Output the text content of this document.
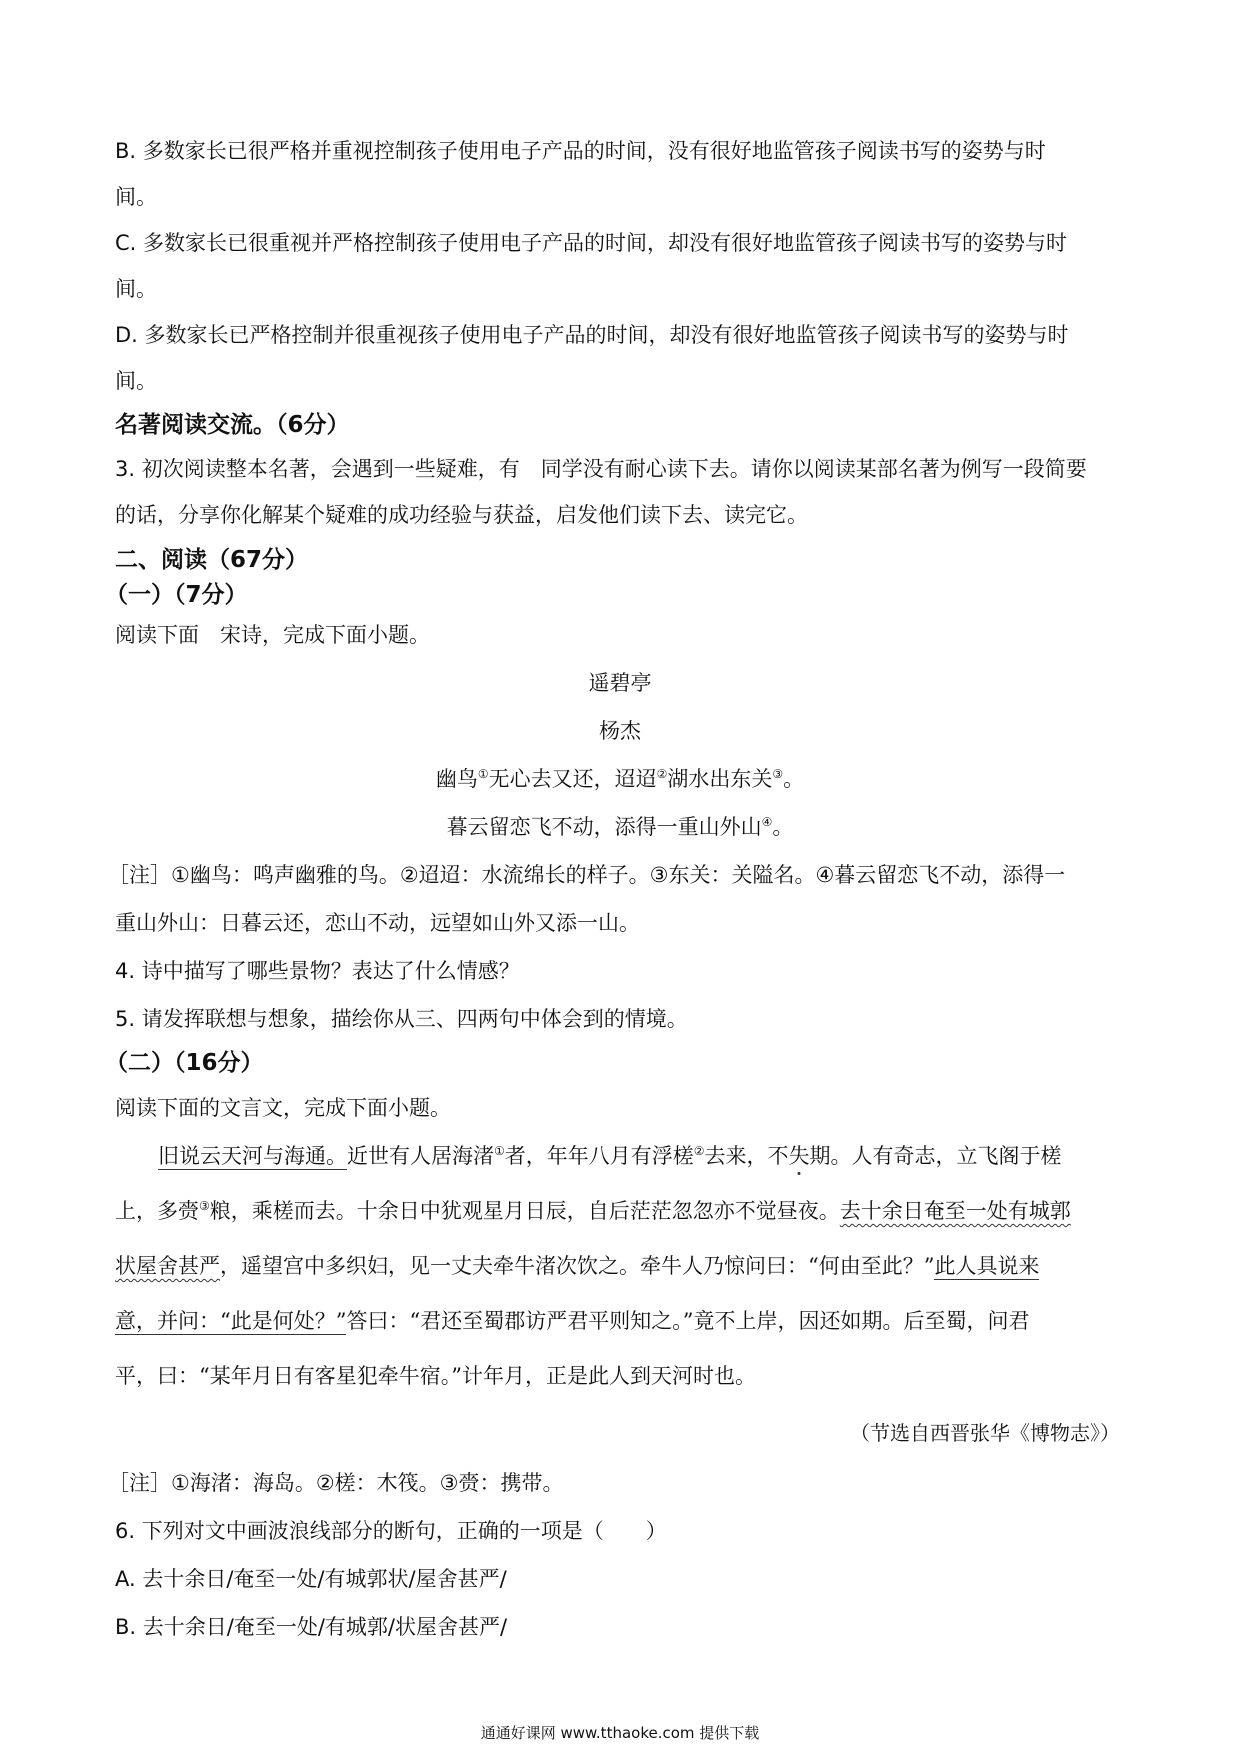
B. 多数家长已很严格并重视控制孩子使用电子产品的时间，没有很好地监管孩子阅读书写的姿势与时
间。
C. 多数家长已很重视并严格控制孩子使用电子产品的时间，却没有很好地监管孩子阅读书写的姿势与时
间。
D. 多数家长已严格控制并很重视孩子使用电子产品的时间，却没有很好地监管孩子阅读书写的姿势与时
间。
名著阅读交流。（6分）
3. 初次阅读整本名著，会遇到一些疑难，有　同学没有耐心读下去。请你以阅读某部名著为例写一段简要
的话，分享你化解某个疑难的成功经验与获益，启发他们读下去、读完它。
二、阅读（67分）
（一）（7分）
阅读下面　宋诗，完成下面小题。
遥碧亭
杨杰
幽鸟①无心去又还，迢迢②湖水出东关③。
暮云留恋飞不动，添得一重山外山④。
［注］①幽鸟：鸣声幽雅的鸟。②迢迢：水流绵长的样子。③东关：关隘名。④暮云留恋飞不动，添得一
重山外山：日暮云还，恋山不动，远望如山外又添一山。
4. 诗中描写了哪些景物？表达了什么情感？
5. 请发挥联想与想象，描绘你从三、四两句中体会到的情境。
（二）（16分）
阅读下面的文言文，完成下面小题。
旧说云天河与海通。近世有人居海渚①者，年年八月有浮槎②去来，不失期。人有奇志，立飞阁于槎
上，多赍③粮，乘槎而去。十余日中犹观星月日辰，自后茫茫忽忽亦不觉昼夜。去十余日奄至一处有城郭
状屋舍甚严，遥望宫中多织妇，见一丈夫牵牛渚次饮之。牵牛人乃惊问曰：“何由至此？”此人具说来
意，并问：“此是何处？”答曰：“君还至蜀郡访严君平则知之。”竟不上岸，因还如期。后至蜀，问君
平，曰：“某年月日有客星犯牵牛宿。”计年月，正是此人到天河时也。
（节选自西晋张华《博物志》）
［注］①海渚：海岛。②槎：木筏。③赍：携带。
6. 下列对文中画波浪线部分的断句，正确的一项是（　　）
A. 去十余日/奄至一处/有城郭状/屋舍甚严/
B. 去十余日/奄至一处/有城郭/状屋舍甚严/
通通好课网 www.tthaoke.com 提供下载
